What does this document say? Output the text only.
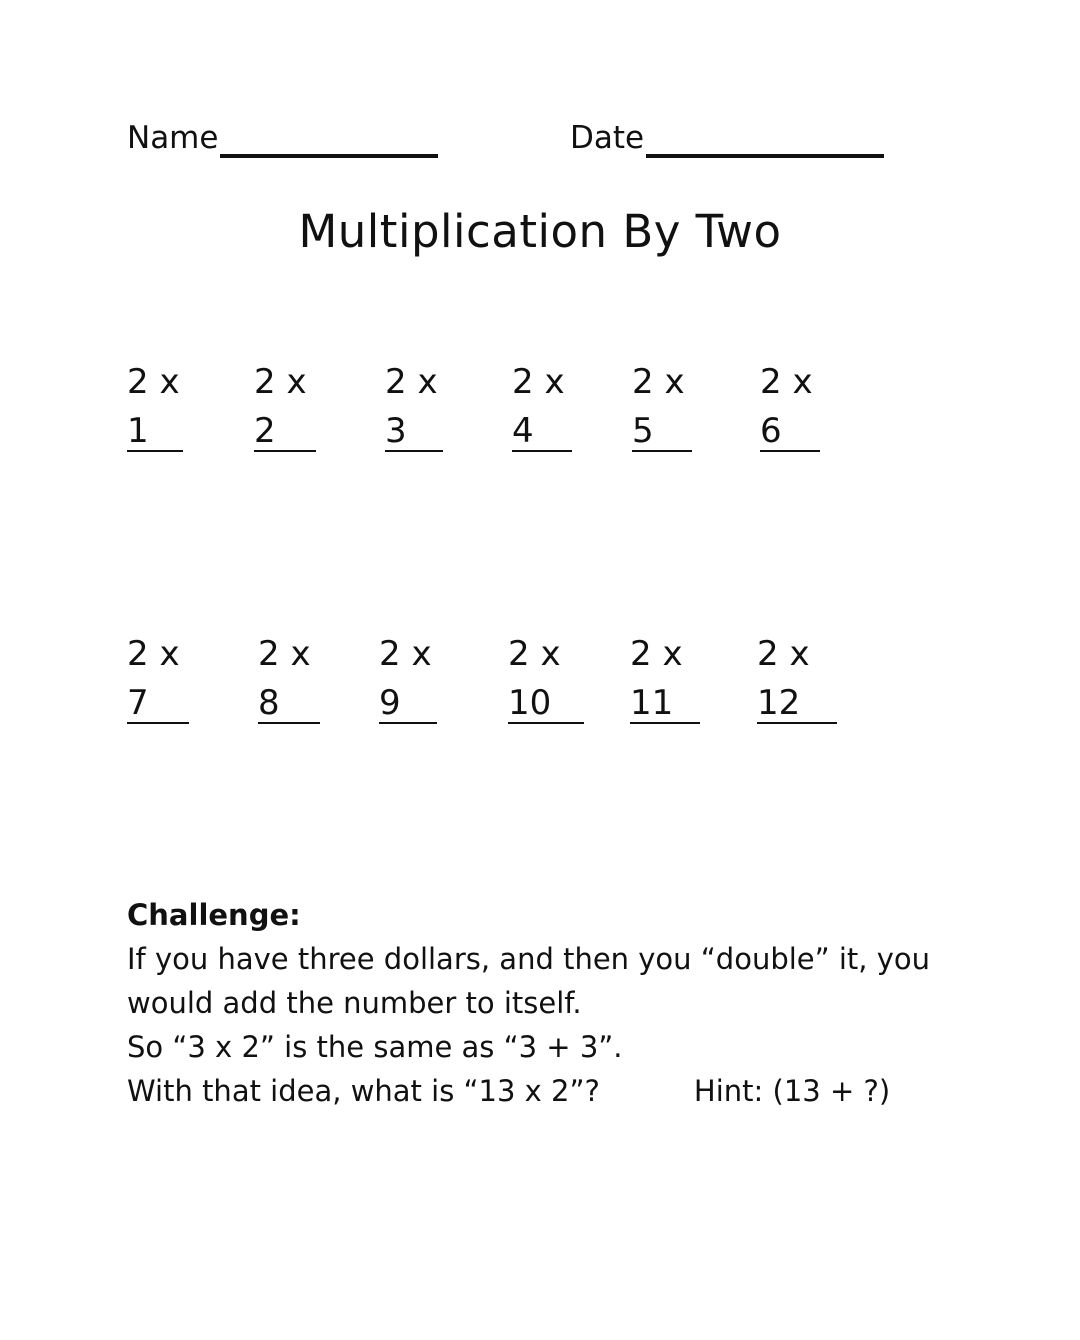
Name	Date
Multiplication By Two
2 x
1
2 x
2
2 x
3
2 x
4
2 x
5
2 x
6
2 x
7
2 x
8
2 x
9
2 x
10
2 x
11
2 x
12
Challenge:
If you have three dollars, and then you “double” it, you
would add the number to itself.
So “3 x 2” is the same as “3 + 3”.
With that idea, what is “13 x 2”?	Hint: (13 + ?)
